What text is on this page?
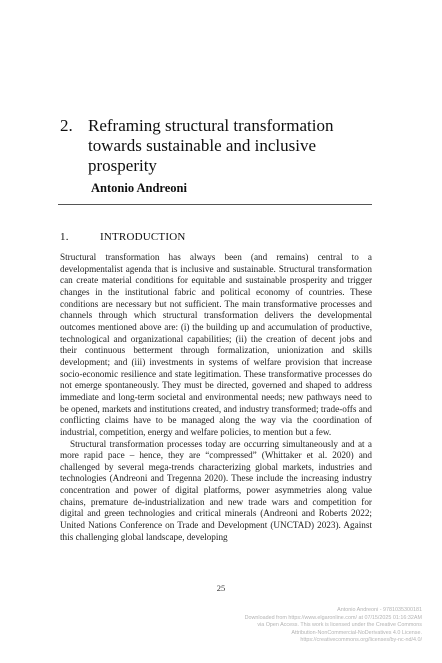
2. Reframing structural transformation towards sustainable and inclusive prosperity
Antonio Andreoni
1.	INTRODUCTION

Structural transformation has always been (and remains) central to a developmentalist agenda that is inclusive and sustainable. Structural transformation can create material conditions for equitable and sustainable prosperity and trigger changes in the institutional fabric and political economy of countries. These conditions are necessary but not sufficient. The main transformative processes and channels through which structural transformation delivers the developmental outcomes mentioned above are: (i) the building up and accumulation of productive, technological and organizational capabilities; (ii) the creation of decent jobs and their continuous betterment through formalization, unionization and skills development; and (iii) investments in systems of welfare provision that increase socio-economic resilience and state legitimation. These transformative processes do not emerge spontaneously. They must be directed, governed and shaped to address immediate and long-term societal and environmental needs; new pathways need to be opened, markets and institutions created, and industry transformed; trade-offs and conflicting claims have to be managed along the way via the coordination of industrial, competition, energy and welfare policies, to mention but a few.

Structural transformation processes today are occurring simultaneously and at a more rapid pace – hence, they are “compressed” (Whittaker et al. 2020) and challenged by several mega-trends characterizing global markets, industries and technologies (Andreoni and Tregenna 2020). These include the increasing industry concentration and power of digital platforms, power asymmetries along value chains, premature de-industrialization and new trade wars and competition for digital and green technologies and critical minerals (Andreoni and Roberts 2022; United Nations Conference on Trade and Development (UNCTAD) 2023). Against this challenging global landscape, developing

25
Antonio Andreoni - 9781035300181
Downloaded from https://www.elgaronline.com/ at 07/15/2025 01:16:32AM
via Open Access. This work is licensed under the Creative Commons
Attribution-NonCommercial-NoDerivatives 4.0 License.
https://creativecommons.org/licenses/by-nc-nd/4.0/
